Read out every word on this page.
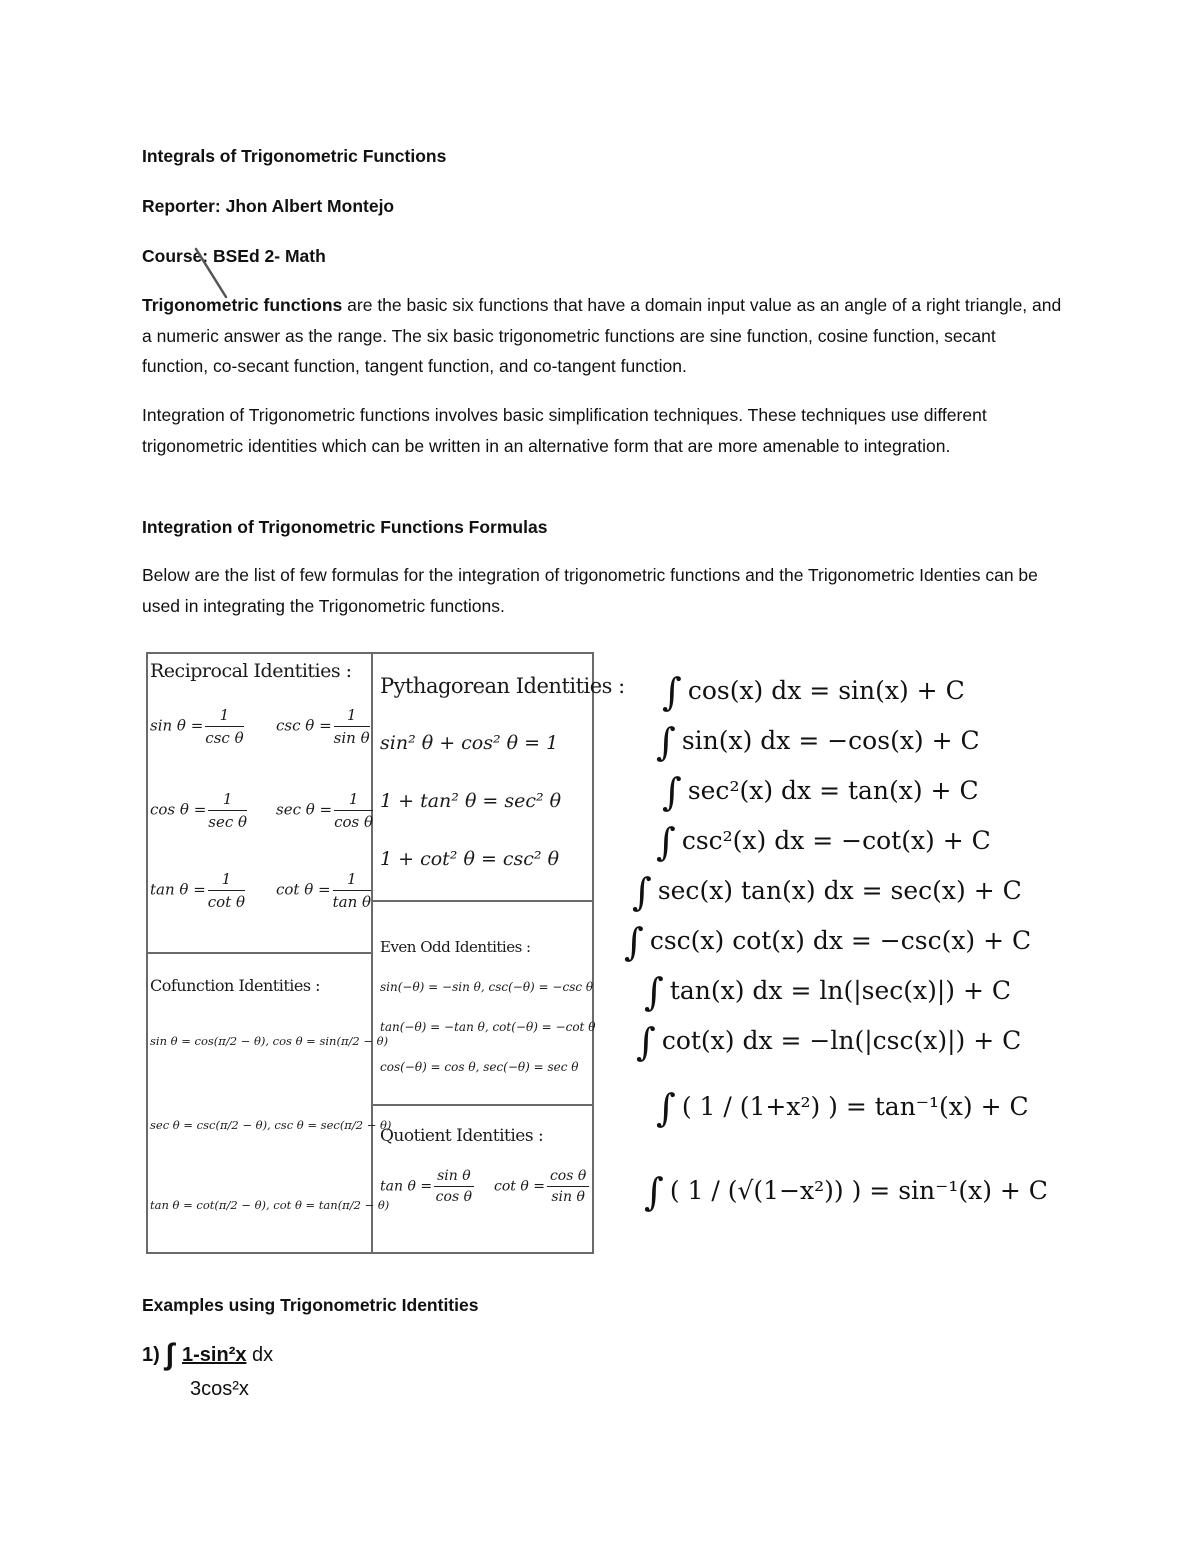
Integrals of Trigonometric Functions
Reporter: Jhon Albert Montejo
Course: BSEd 2- Math
Trigonometric functions are the basic six functions that have a domain input value as an angle of a right triangle, and a numeric answer as the range. The six basic trigonometric functions are sine function, cosine function, secant function, co-secant function, tangent function, and co-tangent function.
Integration of Trigonometric functions involves basic simplification techniques. These techniques use different trigonometric identities which can be written in an alternative form that are more amenable to integration.
Integration of Trigonometric Functions Formulas
Below are the list of few formulas for the integration of trigonometric functions and the Trigonometric Identies can be used in integrating the Trigonometric functions.
Reciprocal Identities :
$\sin \theta = \frac{1}{\text{csc θ}}$ $\csc \theta = \frac{1}{\text{sin θ}}$
$\cos \theta = \frac{1}{\text{sec θ}}$ $\sec \theta = \frac{1}{\text{cos θ}}$
$\tan \theta = \frac{1}{\text{cot θ}}$ $\cot \theta = \frac{1}{\text{tan θ}}$
Pythagorean Identities :
sin² θ + cos² θ = 1
1 + tan² θ = sec² θ
1 + cot² θ = csc² θ
Cofunction Identities :
sin θ = cos(π/2 − θ), cos θ = sin(π/2 − θ)
sec θ = csc(π/2 − θ), csc θ = sec(π/2 − θ)
tan θ = cot(π/2 − θ), cot θ = tan(π/2 − θ)
Even Odd Identities :
sin(−θ) = −sin θ, csc(−θ) = −csc θ
tan(−θ) = −tan θ, cot(−θ) = −cot θ
cos(−θ) = cos θ, sec(−θ) = sec θ
Quotient Identities :
$\tan \theta = \frac{\text{sin θ}}{\text{cos θ}}$ $\cot \theta = \frac{\text{cos θ}}{\text{sin θ}}$
∫ cos(x) dx = sin(x) + C
∫ sin(x) dx = −cos(x) + C
∫ sec²(x) dx = tan(x) + C
∫ csc²(x) dx = −cot(x) + C
∫ sec(x) tan(x) dx = sec(x) + C
∫ csc(x) cot(x) dx = −csc(x) + C
∫ tan(x) dx = ln(|sec(x)|) + C
∫ cot(x) dx = −ln(|csc(x)|) + C
∫ ( 1 / (1+x²) ) = tan⁻¹(x) + C
∫ ( 1 / (√(1−x²)) ) = sin⁻¹(x) + C
Examples using Trigonometric Identities
1) ∫ 1-sin²x dx
3cos²x
